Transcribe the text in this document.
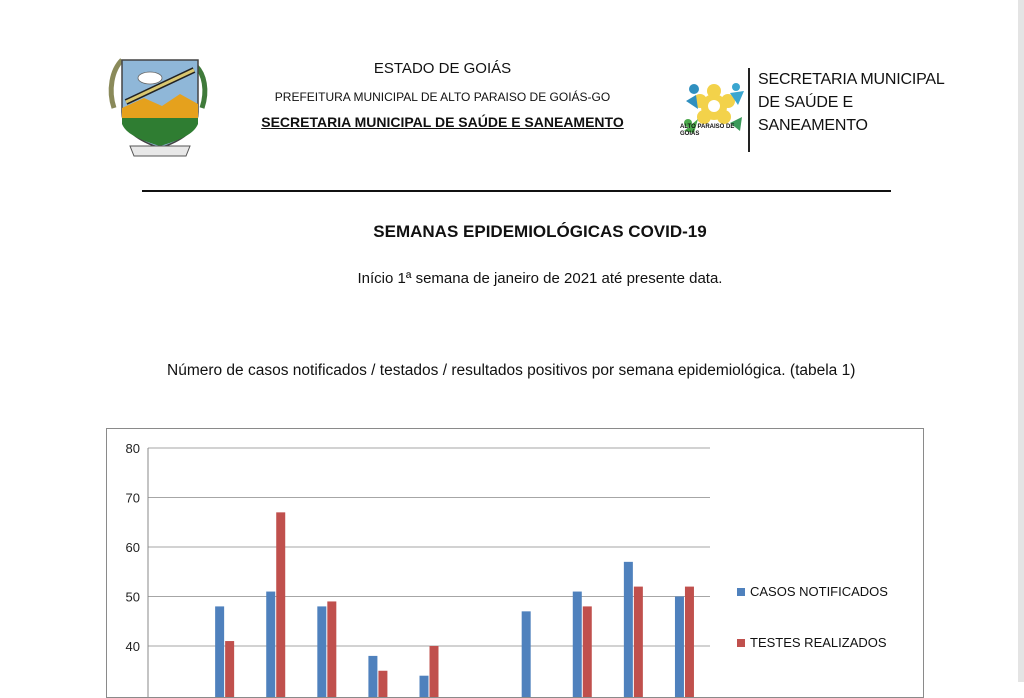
ESTADO DE GOIÁS
PREFEITURA MUNICIPAL DE ALTO PARAISO DE GOIÁS-GO
SECRETARIA MUNICIPAL DE SAÚDE E SANEAMENTO	ALTO PARAISO DE GOIÁS
SECRETARIA MUNICIPAL
DE SAÚDE E
SANEAMENTO
SEMANAS EPIDEMIOLÓGICAS COVID-19
Início 1ª semana de janeiro de 2021 até presente data.
Número de casos notificados / testados / resultados positivos por semana epidemiológica. (tabela 1)
40
50
60
70
80
CASOS NOTIFICADOS
TESTES REALIZADOS
